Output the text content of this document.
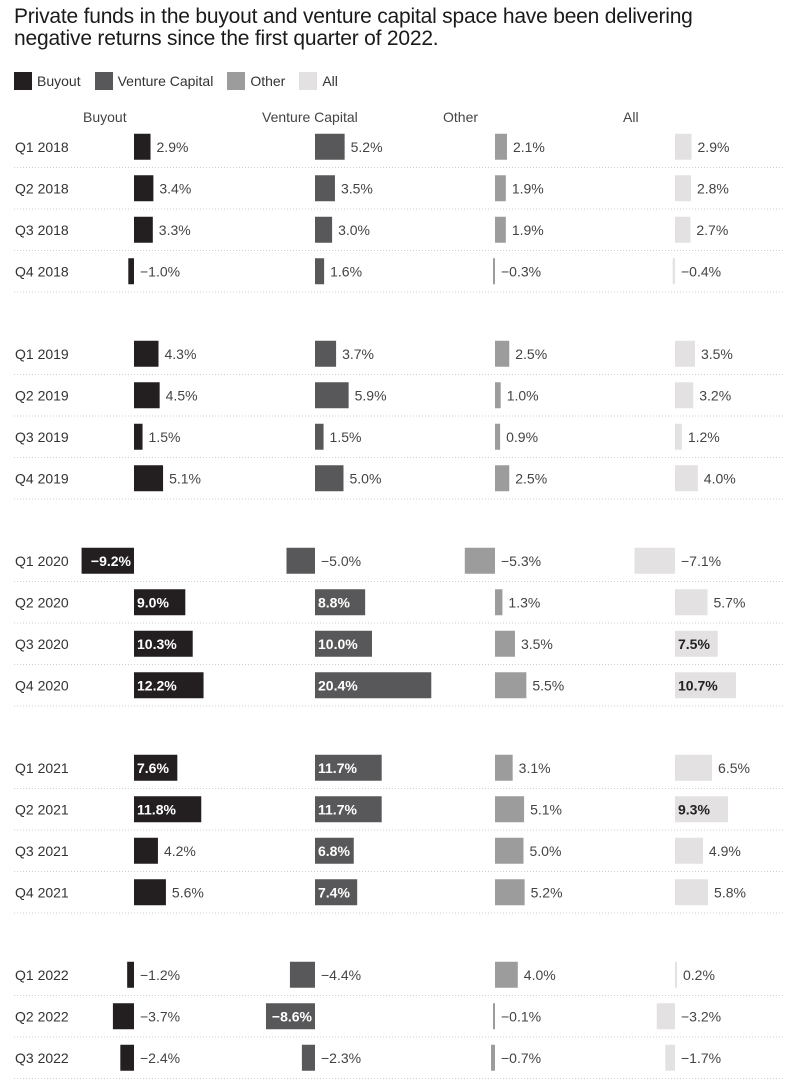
Private funds in the buyout and venture capital space have been delivering negative returns since the first quarter of 2022.
Buyout	Venture Capital	Other	All
Buyout	Venture Capital	Other	All
Q1 2018	2.9%	5.2%	2.1%	2.9%
Q2 2018	3.4%	3.5%	1.9%	2.8%
Q3 2018	3.3%	3.0%	1.9%	2.7%
Q4 2018	−1.0%	1.6%	−0.3%	−0.4%
Q1 2019	4.3%	3.7%	2.5%	3.5%
Q2 2019	4.5%	5.9%	1.0%	3.2%
Q3 2019	1.5%	1.5%	0.9%	1.2%
Q4 2019	5.1%	5.0%	2.5%	4.0%
Q1 2020 −9.2%	−5.0%	−5.3%	−7.1%
Q2 2020	9.0%	8.8%	1.3%	5.7%
Q3 2020	10.3%	10.0%	3.5%	7.5%
Q4 2020	12.2%	20.4%	5.5%	10.7%
Q1 2021	7.6%	11.7%	3.1%	6.5%
Q2 2021	11.8%	11.7%	5.1%	9.3%
Q3 2021	4.2%	6.8%	5.0%	4.9%
Q4 2021	5.6%	7.4%	5.2%	5.8%
Q1 2022	−1.2%	−4.4%	4.0%	0.2%
Q2 2022	−3.7%	−8.6%	−0.1%	−3.2%
Q3 2022	−2.4%	−2.3%	−0.7%	−1.7%
